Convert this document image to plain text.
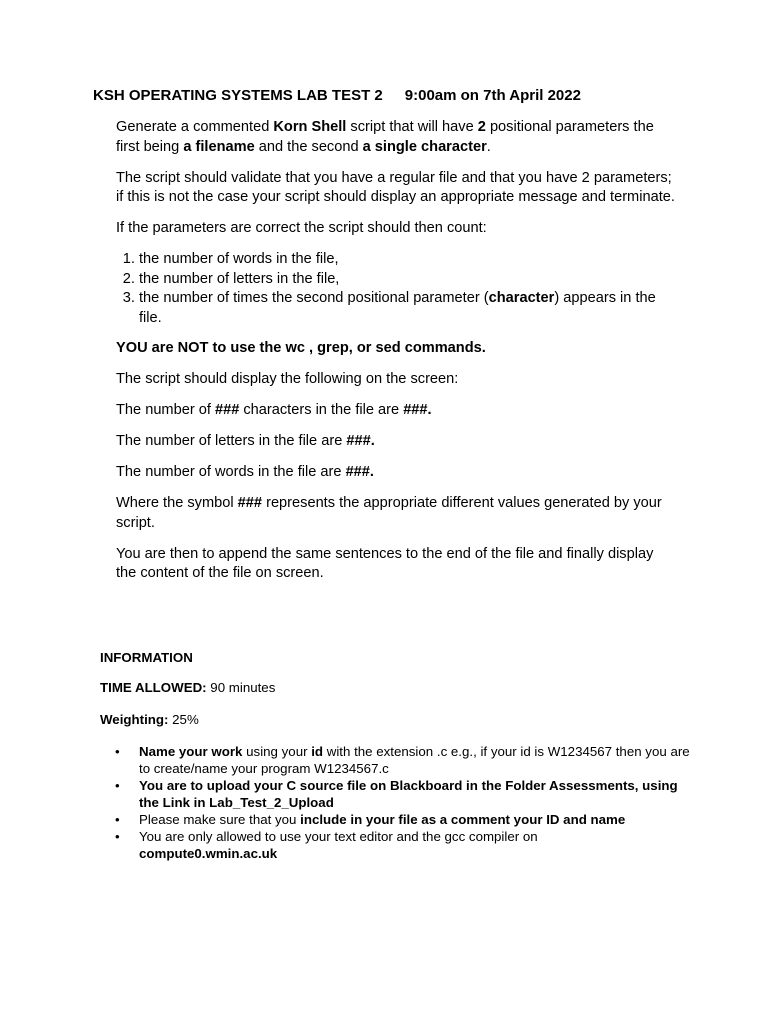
KSH OPERATING SYSTEMS LAB TEST 2 9:00am on 7th April 2022

Generate a commented Korn Shell script that will have 2 positional parameters the first being a filename and the second a single character.

The script should validate that you have a regular file and that you have 2 parameters; if this is not the case your script should display an appropriate message and terminate.

If the parameters are correct the script should then count:

1. the number of words in the file,
2. the number of letters in the file,
3. the number of times the second positional parameter (character) appears in the file.

YOU are NOT to use the wc , grep, or sed commands.

The script should display the following on the screen:

The number of ### characters in the file are ###.

The number of letters in the file are ###.

The number of words in the file are ###.

Where the symbol ### represents the appropriate different values generated by your script.

You are then to append the same sentences to the end of the file and finally display the content of the file on screen.

INFORMATION

TIME ALLOWED: 90 minutes

Weighting: 25%

• Name your work using your id with the extension .c e.g., if your id is W1234567 then you are to create/name your program W1234567.c
• You are to upload your C source file on Blackboard in the Folder Assessments, using the Link in Lab_Test_2_Upload
• Please make sure that you include in your file as a comment your ID and name
• You are only allowed to use your text editor and the gcc compiler on
compute0.wmin.ac.uk
